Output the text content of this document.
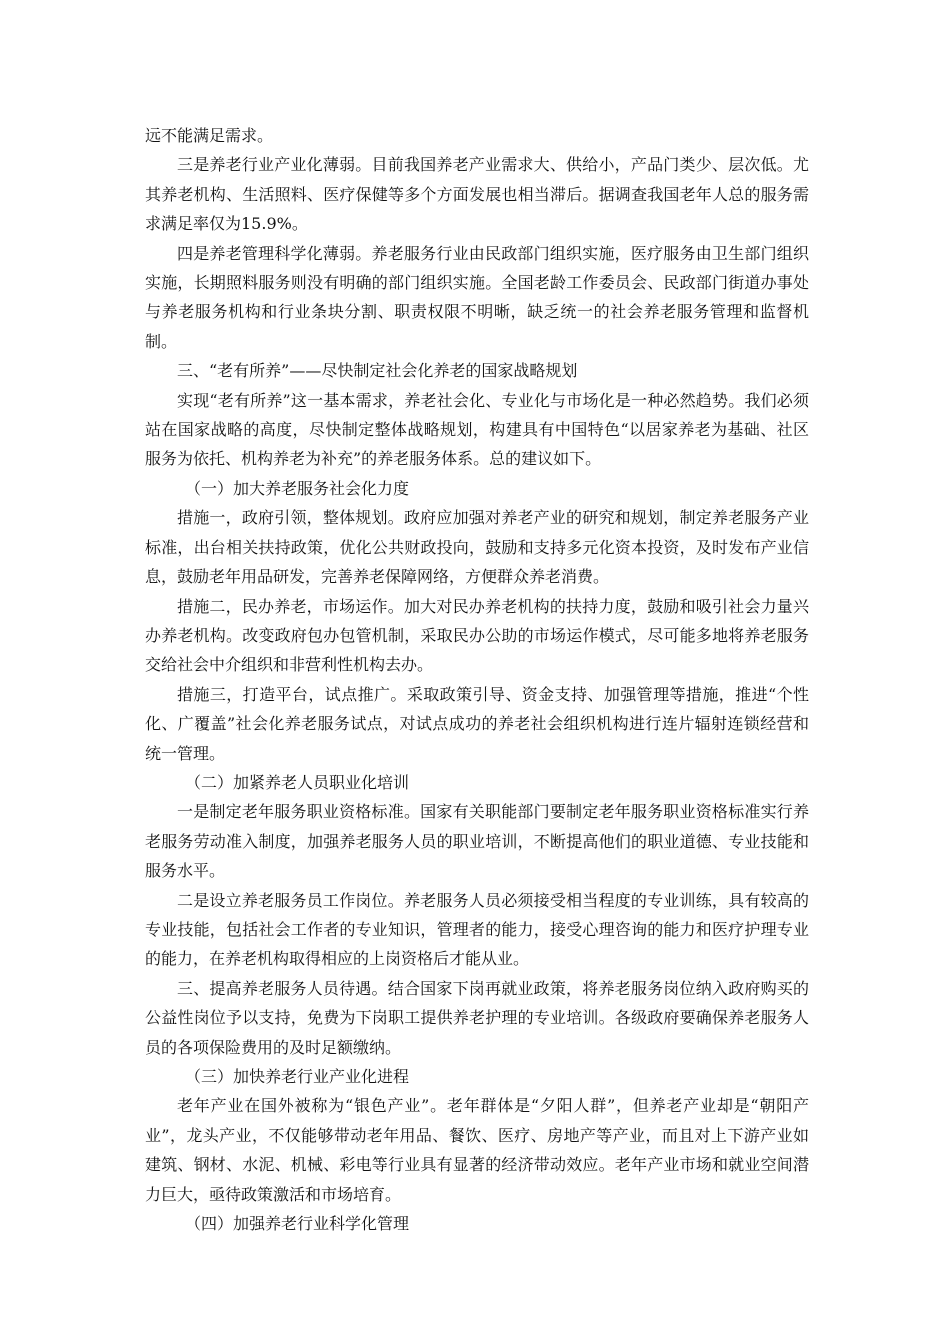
远不能满足需求。

三是养老行业产业化薄弱。目前我国养老产业需求大、供给小，产品门类少、层次低。尤其养老机构、生活照料、医疗保健等多个方面发展也相当滞后。据调查我国老年人总的服务需求满足率仅为15.9%。

四是养老管理科学化薄弱。养老服务行业由民政部门组织实施，医疗服务由卫生部门组织实施，长期照料服务则没有明确的部门组织实施。全国老龄工作委员会、民政部门街道办事处与养老服务机构和行业条块分割、职责权限不明晰，缺乏统一的社会养老服务管理和监督机制。

三、“老有所养”——尽快制定社会化养老的国家战略规划

实现“老有所养”这一基本需求，养老社会化、专业化与市场化是一种必然趋势。我们必须站在国家战略的高度，尽快制定整体战略规划，构建具有中国特色“以居家养老为基础、社区服务为依托、机构养老为补充”的养老服务体系。总的建议如下。

（一）加大养老服务社会化力度

措施一，政府引领，整体规划。政府应加强对养老产业的研究和规划，制定养老服务产业标准，出台相关扶持政策，优化公共财政投向，鼓励和支持多元化资本投资，及时发布产业信息，鼓励老年用品研发，完善养老保障网络，方便群众养老消费。

措施二，民办养老，市场运作。加大对民办养老机构的扶持力度，鼓励和吸引社会力量兴办养老机构。改变政府包办包管机制，采取民办公助的市场运作模式，尽可能多地将养老服务交给社会中介组织和非营利性机构去办。

措施三，打造平台，试点推广。采取政策引导、资金支持、加强管理等措施，推进“个性化、广覆盖”社会化养老服务试点，对试点成功的养老社会组织机构进行连片辐射连锁经营和统一管理。

（二）加紧养老人员职业化培训

一是制定老年服务职业资格标准。国家有关职能部门要制定老年服务职业资格标准实行养老服务劳动准入制度，加强养老服务人员的职业培训，不断提高他们的职业道德、专业技能和服务水平。

二是设立养老服务员工作岗位。养老服务人员必须接受相当程度的专业训练，具有较高的专业技能，包括社会工作者的专业知识，管理者的能力，接受心理咨询的能力和医疗护理专业的能力，在养老机构取得相应的上岗资格后才能从业。

三、提高养老服务人员待遇。结合国家下岗再就业政策，将养老服务岗位纳入政府购买的公益性岗位予以支持，免费为下岗职工提供养老护理的专业培训。各级政府要确保养老服务人员的各项保险费用的及时足额缴纳。

（三）加快养老行业产业化进程

老年产业在国外被称为“银色产业”。老年群体是“夕阳人群”，但养老产业却是“朝阳产业”，龙头产业，不仅能够带动老年用品、餐饮、医疗、房地产等产业，而且对上下游产业如建筑、钢材、水泥、机械、彩电等行业具有显著的经济带动效应。老年产业市场和就业空间潜力巨大，亟待政策激活和市场培育。

（四）加强养老行业科学化管理
